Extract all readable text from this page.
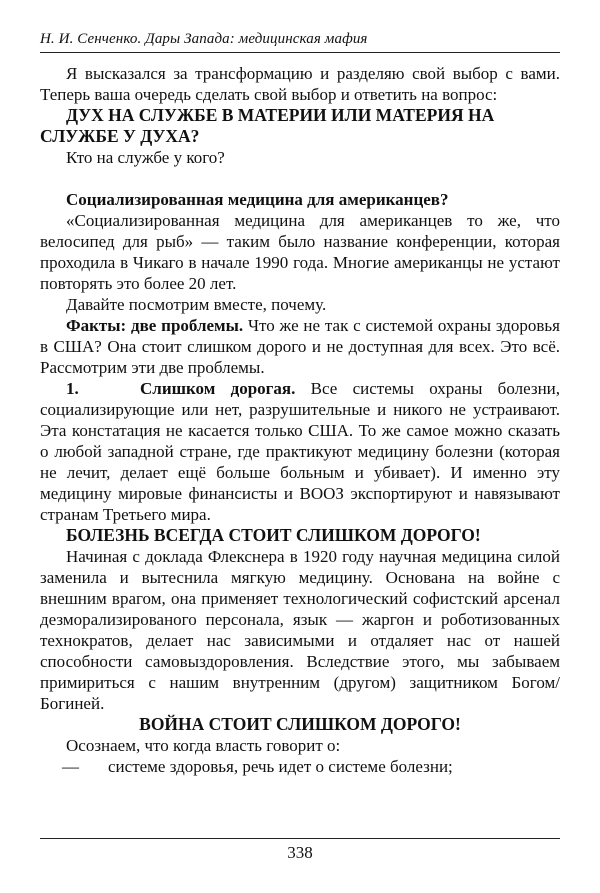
Н. И. Сенченко. Дары Запада: медицинская мафия

Я высказался за трансформацию и разделяю свой выбор с вами. Теперь ваша очередь сделать свой выбор и ответить на вопрос:

ДУХ НА СЛУЖБЕ В МАТЕРИИ ИЛИ МАТЕРИЯ НА СЛУЖБЕ У ДУХА?

Кто на службе у кого?

Социализированная медицина для американцев?

«Социализированная медицина для американцев то же, что велосипед для рыб» — таким было название конференции, которая проходила в Чикаго в начале 1990 года. Многие американцы не устают повторять это более 20 лет.

Давайте посмотрим вместе, почему.

Факты: две проблемы. Что же не так с системой охраны здоровья в США? Она стоит слишком дорого и не доступная для всех. Это всё. Рассмотрим эти две проблемы.

1.	Слишком дорогая. Все системы охраны болезни, социализирующие или нет, разрушительные и никого не устраивают. Эта констатация не касается только США. То же самое можно сказать о любой западной стране, где практикуют медицину болезни (которая не лечит, делает ещё больше больным и убивает). И именно эту медицину мировые финансисты и ВООЗ экспортируют и навязывают странам Третьего мира.

БОЛЕЗНЬ ВСЕГДА СТОИТ СЛИШКОМ ДОРОГО!

Начиная с доклада Флекснера в 1920 году научная медицина силой заменила и вытеснила мягкую медицину. Основана на войне с внешним врагом, она применяет технологический софистский арсенал дезморализированого персонала, язык — жаргон и роботизованных технократов, делает нас зависимыми и отдаляет нас от нашей способности самовыздоровления. Вследствие этого, мы забываем примириться с нашим внутренним (другом) защитником Богом/Богиней.

ВОЙНА СТОИТ СЛИШКОМ ДОРОГО!

Осознаем, что когда власть говорит о:

— системе здоровья, речь идет о системе болезни;

338
